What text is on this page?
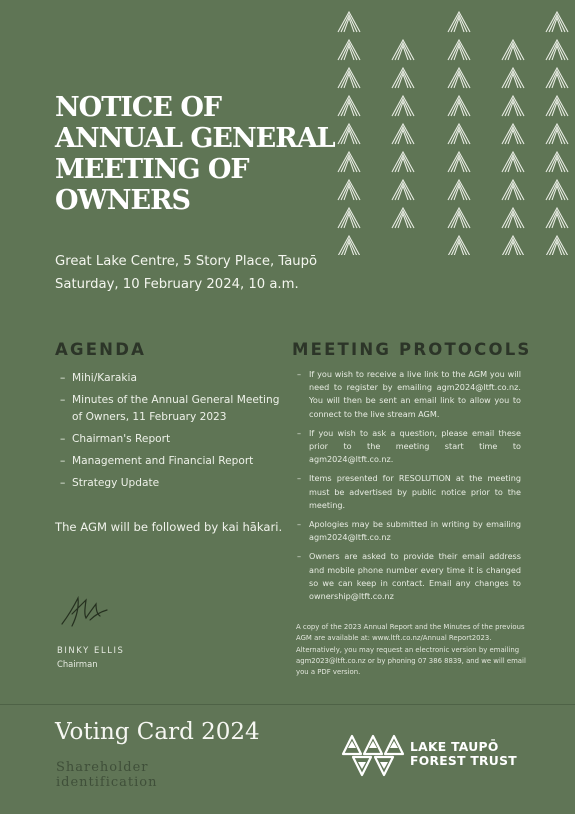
NOTICE OF
ANNUAL GENERAL
MEETING OF
OWNERS
Great Lake Centre, 5 Story Place, Taupō
Saturday, 10 February 2024, 10 a.m.
AGENDA	MEETING PROTOCOLS
– Mihi/Karakia
– Minutes of the Annual General Meeting of Owners, 11 February 2023
– Chairman's Report
– Management and Financial Report
– Strategy Update
The AGM will be followed by kai hākari.
– If you wish to receive a live link to the AGM you will need to register by emailing agm2024@ltft.co.nz. You will then be sent an email link to allow you to connect to the live stream AGM.
– If you wish to ask a question, please email these prior to the meeting start time to agm2024@ltft.co.nz.
– Items presented for RESOLUTION at the meeting must be advertised by public notice prior to the meeting.
– Apologies may be submitted in writing by emailing agm2024@ltft.co.nz
– Owners are asked to provide their email address and mobile phone number every time it is changed so we can keep in contact. Email any changes to ownership@ltft.co.nz
BINKY ELLIS
Chairman
A copy of the 2023 Annual Report and the Minutes of the previous AGM are available at: www.ltft.co.nz/Annual Report2023. Alternatively, you may request an electronic version by emailing agm2023@ltft.co.nz or by phoning 07 386 8839, and we will email you a PDF version.
Voting Card 2024
Shareholder
identification
LAKE TAUPŌ
FOREST TRUST
